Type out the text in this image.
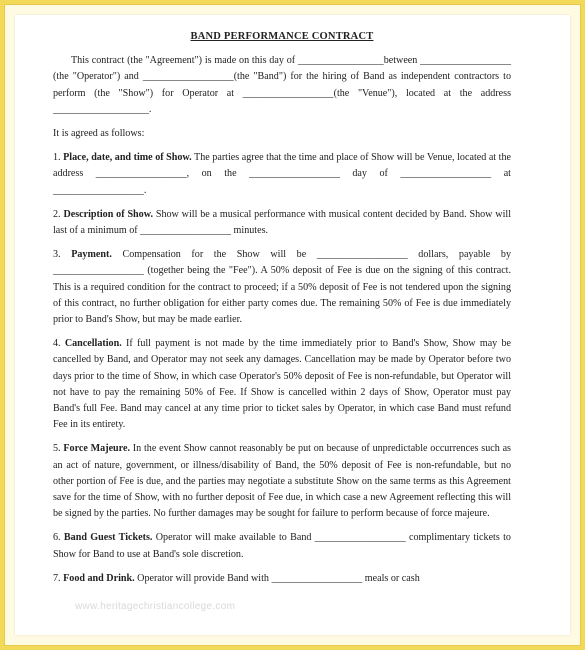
BAND PERFORMANCE CONTRACT

This contract (the "Agreement") is made on this day of _________________between __________________ (the "Operator") and __________________(the "Band") for the hiring of Band as independent contractors to perform (the "Show") for Operator at __________________(the "Venue"), located at the address ___________________.

It is agreed as follows:

1. Place, date, and time of Show. The parties agree that the time and place of Show will be Venue, located at the address __________________, on the __________________ day of __________________ at __________________.

2. Description of Show. Show will be a musical performance with musical content decided by Band. Show will last of a minimum of __________________ minutes.

3. Payment. Compensation for the Show will be __________________ dollars, payable by __________________ (together being the "Fee"). A 50% deposit of Fee is due on the signing of this contract. This is a required condition for the contract to proceed; if a 50% deposit of Fee is not tendered upon the signing of this contract, no further obligation for either party comes due. The remaining 50% of Fee is due immediately prior to Band's Show, but may be made earlier.

4. Cancellation. If full payment is not made by the time immediately prior to Band's Show, Show may be cancelled by Band, and Operator may not seek any damages. Cancellation may be made by Operator before two days prior to the time of Show, in which case Operator's 50% deposit of Fee is non-refundable, but Operator will not have to pay the remaining 50% of Fee. If Show is cancelled within 2 days of Show, Operator must pay Band's full Fee. Band may cancel at any time prior to ticket sales by Operator, in which case Band must refund Fee in its entirety.

5. Force Majeure. In the event Show cannot reasonably be put on because of unpredictable occurrences such as an act of nature, government, or illness/disability of Band, the 50% deposit of Fee is non-refundable, but no other portion of Fee is due, and the parties may negotiate a substitute Show on the same terms as this Agreement save for the time of Show, with no further deposit of Fee due, in which case a new Agreement reflecting this will be signed by the parties. No further damages may be sought for failure to perform because of force majeure.

6. Band Guest Tickets. Operator will make available to Band __________________ complimentary tickets to Show for Band to use at Band's sole discretion.

7. Food and Drink. Operator will provide Band with __________________ meals or cash

www.heritagechristiancollege.com
